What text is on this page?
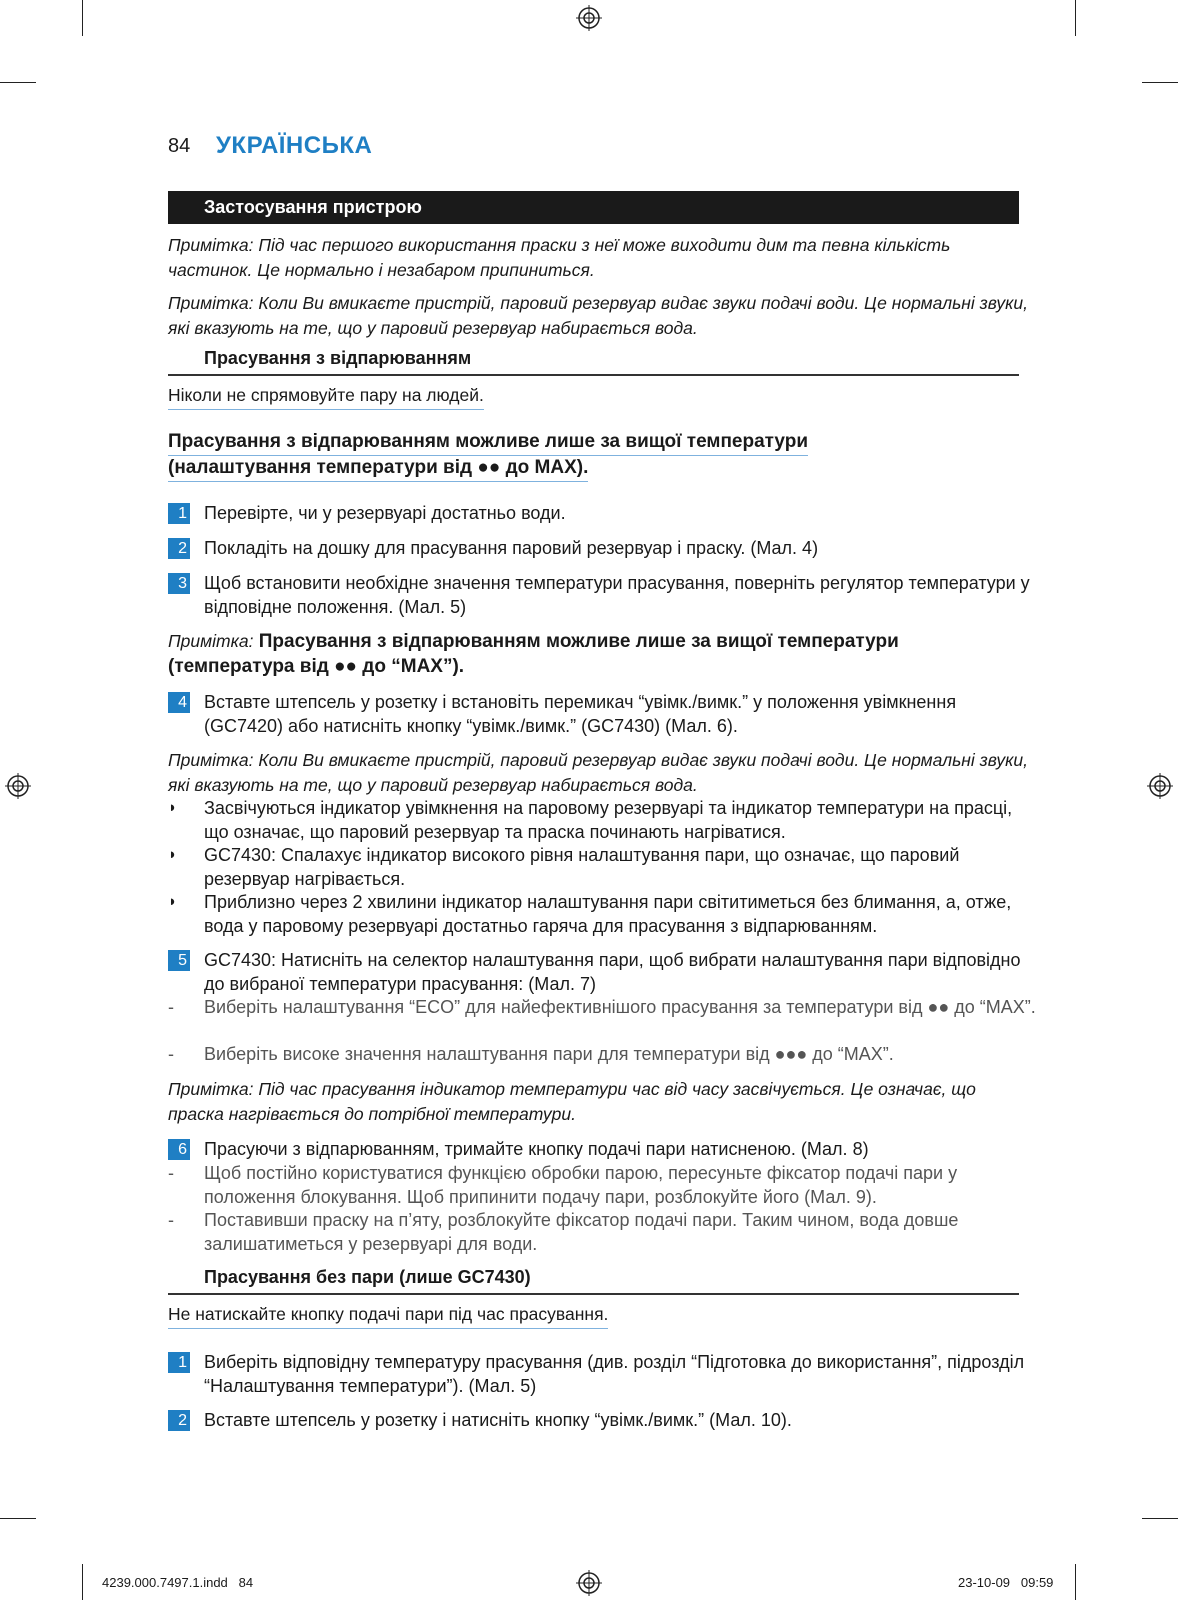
84 УКРАЇНСЬКА
Застосування пристрою
Примітка: Під час першого використання праски з неї може виходити дим та певна кількість частинок. Це нормально і незабаром припиниться.
Примітка: Коли Ви вмикаєте пристрій, паровий резервуар видає звуки подачі води. Це нормальні звуки, які вказують на те, що у паровий резервуар набирається вода.
Прасування з відпарюванням
Ніколи не спрямовуйте пару на людей.
Прасування з відпарюванням можливе лише за вищої температури
(налаштування температури від ●● до MAX).
1 Перевірте, чи у резервуарі достатньо води.
2 Покладіть на дошку для прасування паровий резервуар і праску. (Мал. 4)
3 Щоб встановити необхідне значення температури прасування, поверніть регулятор температури у відповідне положення. (Мал. 5)
Примітка: Прасування з відпарюванням можливе лише за вищої температури (температура від ●● до “MAX”).
4 Вставте штепсель у розетку і встановіть перемикач “увімк./вимк.” у положення увімкнення (GC7420) або натисніть кнопку “увімк./вимк.” (GC7430) (Мал. 6).
Примітка: Коли Ви вмикаєте пристрій, паровий резервуар видає звуки подачі води. Це нормальні звуки, які вказують на те, що у паровий резервуар набирається вода.
◗ Засвічуються індикатор увімкнення на паровому резервуарі та індикатор температури на прасці, що означає, що паровий резервуар та праска починають нагріватися.
◗ GC7430: Спалахує індикатор високого рівня налаштування пари, що означає, що паровий резервуар нагрівається.
◗ Приблизно через 2 хвилини індикатор налаштування пари світитиметься без блимання, а, отже, вода у паровому резервуарі достатньо гаряча для прасування з відпарюванням.
5 GC7430: Натисніть на селектор налаштування пари, щоб вибрати налаштування пари відповідно до вибраної температури прасування: (Мал. 7)
- Виберіть налаштування “ECO” для найефективнішого прасування за температури від ●● до “MAX”.
- Виберіть високе значення налаштування пари для температури від ●●● до “MAX”.
Примітка: Під час прасування індикатор температури час від часу засвічується. Це означає, що праска нагрівається до потрібної температури.
6 Прасуючи з відпарюванням, тримайте кнопку подачі пари натисненою. (Мал. 8)
- Щоб постійно користуватися функцією обробки парою, пересуньте фіксатор подачі пари у положення блокування. Щоб припинити подачу пари, розблокуйте його (Мал. 9).
- Поставивши праску на п’яту, розблокуйте фіксатор подачі пари. Таким чином, вода довше залишатиметься у резервуарі для води.
Прасування без пари (лише GC7430)
Не натискайте кнопку подачі пари під час прасування.
1 Виберіть відповідну температуру прасування (див. розділ “Підготовка до використання”, підрозділ “Налаштування температури”). (Мал. 5)
2 Вставте штепсель у розетку і натисніть кнопку “увімк./вимк.” (Мал. 10).
4239.000.7497.1.indd   84	23-10-09   09:59
